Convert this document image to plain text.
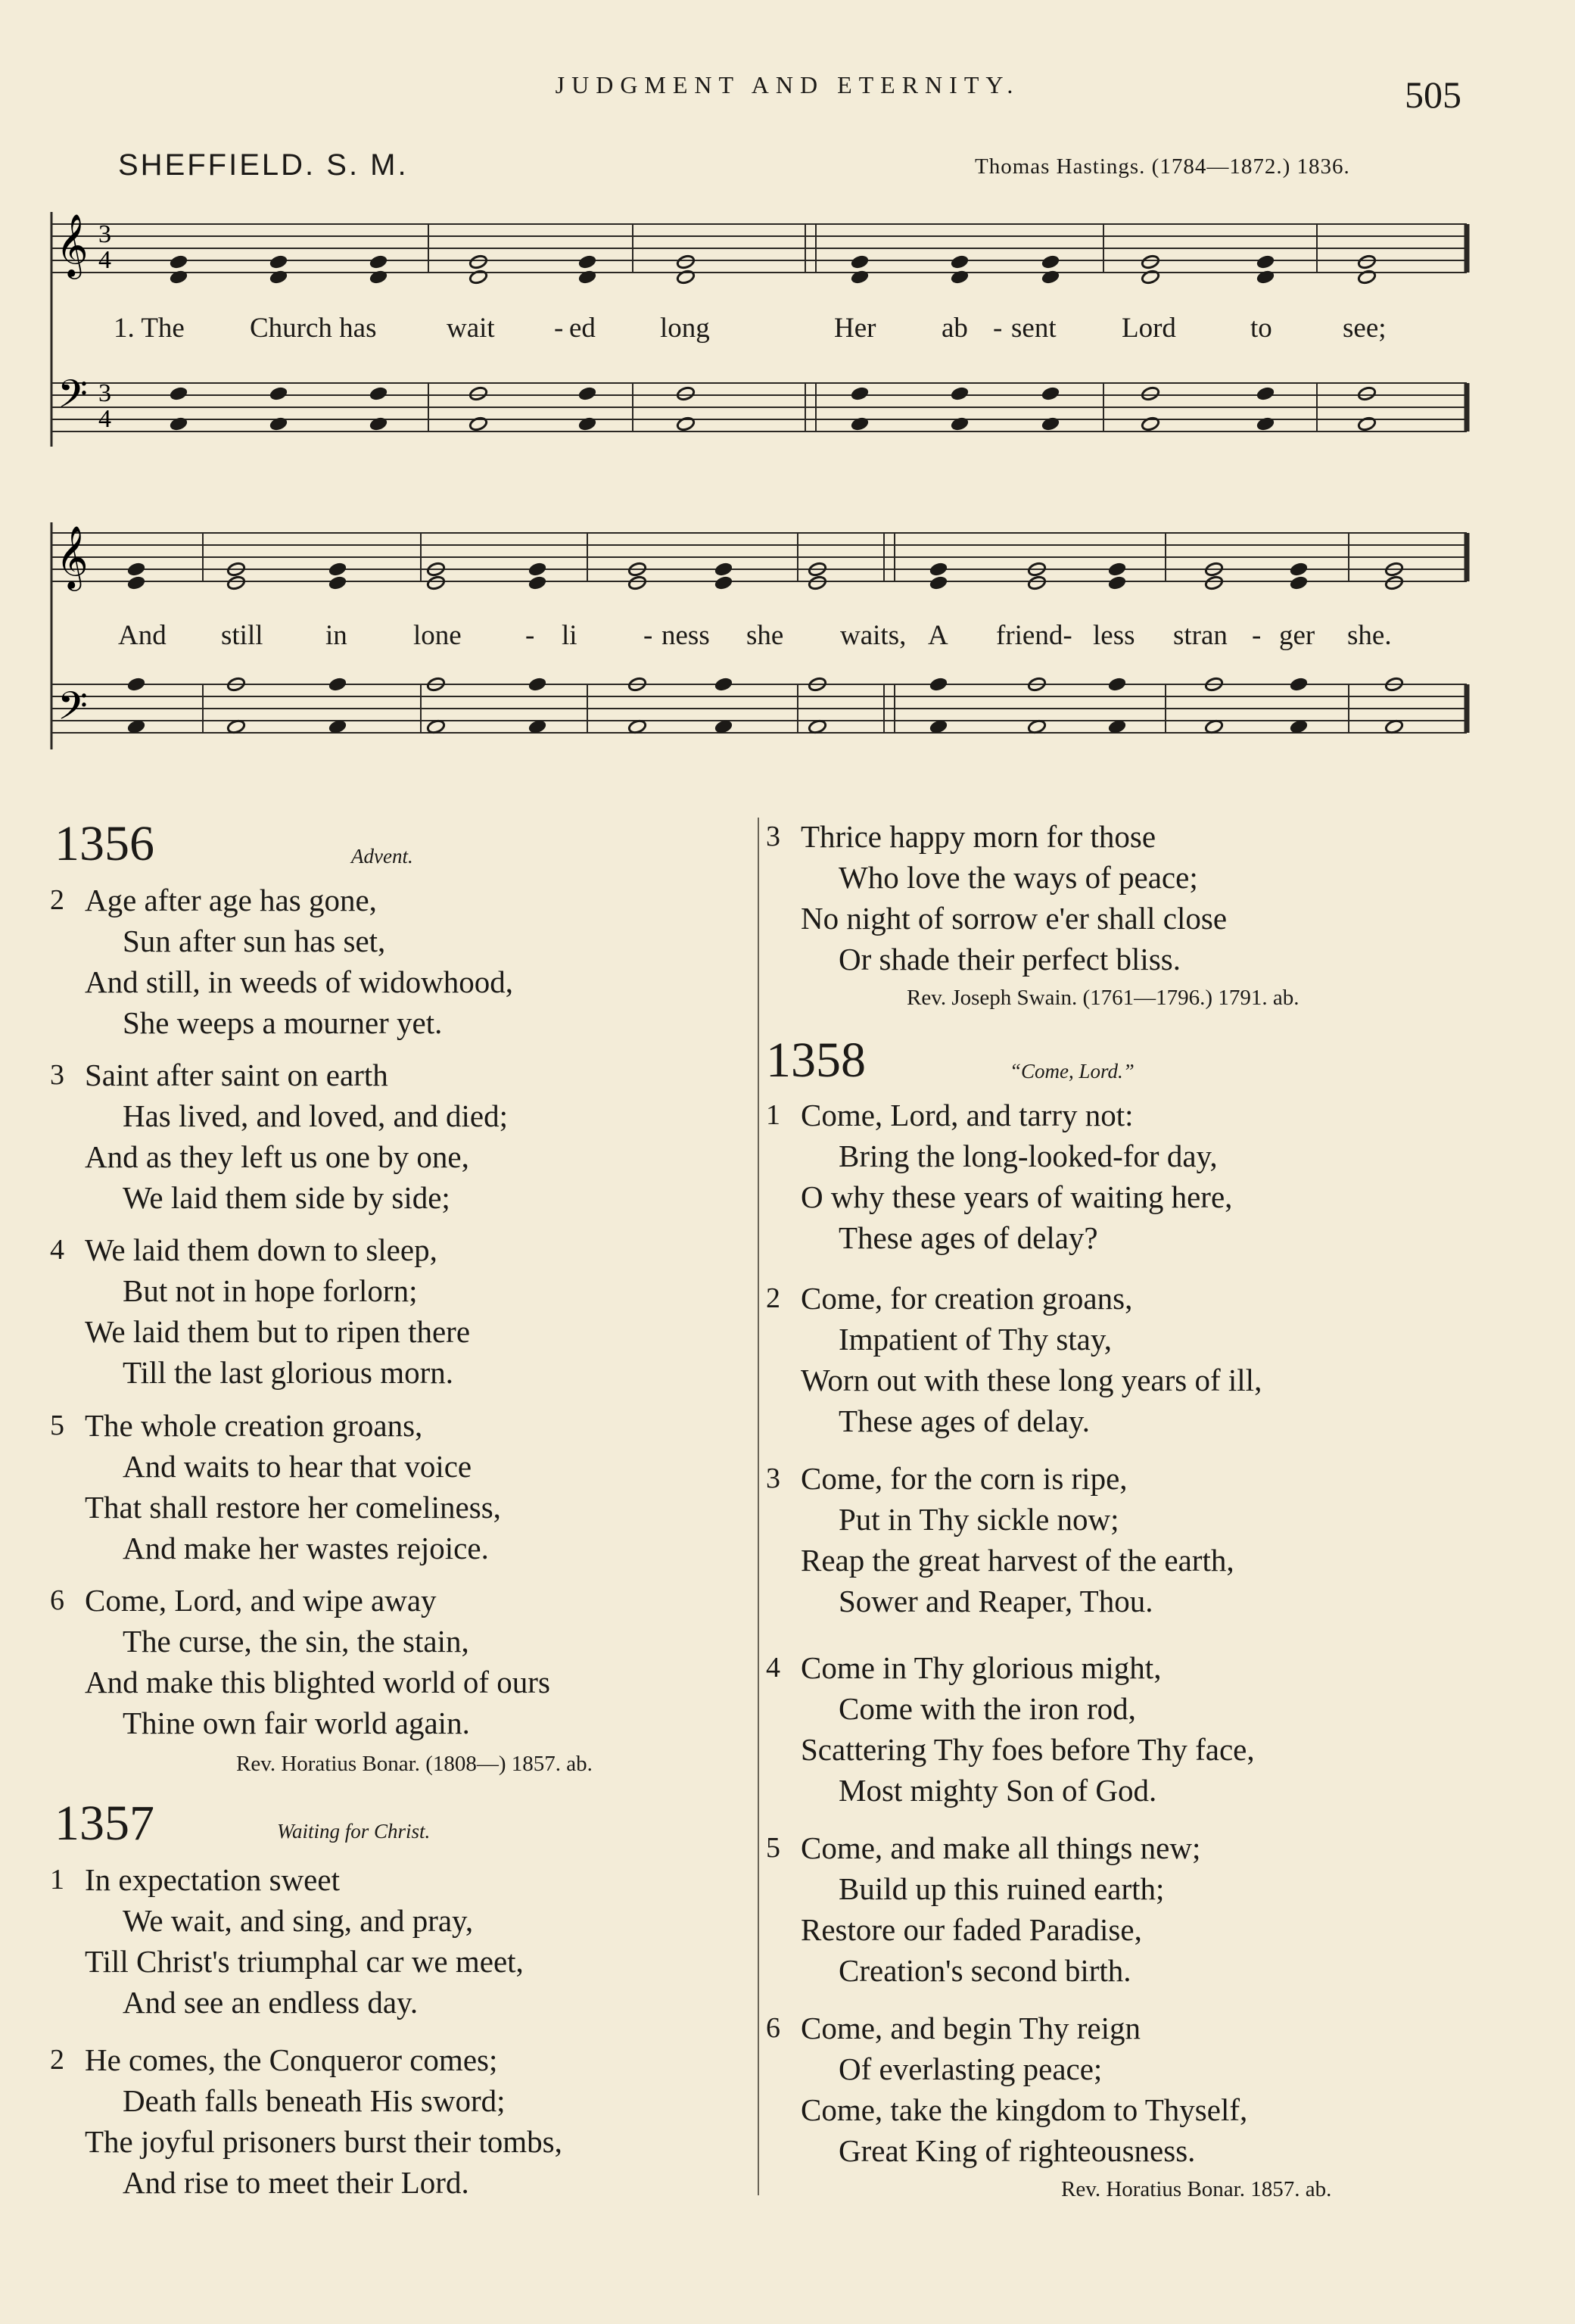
JUDGMENT AND ETERNITY.	505
SHEFFIELD. S. M.	Thomas Hastings. (1784—1872.) 1836.
3
4
3
4
𝄞
𝄢
𝄞
𝄢
1. The Church has	wait - ed long	Her ab - sent Lord	to	see;
And still in lone - li - ness she waits, A friend- less stran - ger she.
1356	Advent.
2 Age after age has gone,
Sun after sun has set,
And still, in weeds of widowhood,
She weeps a mourner yet.
3 Saint after saint on earth
Has lived, and loved, and died;
And as they left us one by one,
We laid them side by side;
4 We laid them down to sleep,
But not in hope forlorn;
We laid them but to ripen there
Till the last glorious morn.
5 The whole creation groans,
And waits to hear that voice
That shall restore her comeliness,
And make her wastes rejoice.
6 Come, Lord, and wipe away
The curse, the sin, the stain,
And make this blighted world of ours
Thine own fair world again.
Rev. Horatius Bonar. (1808—) 1857. ab.
1357	Waiting for Christ.
1 In expectation sweet
We wait, and sing, and pray,
Till Christ's triumphal car we meet,
And see an endless day.
2 He comes, the Conqueror comes;
Death falls beneath His sword;
The joyful prisoners burst their tombs,
And rise to meet their Lord.
3 Thrice happy morn for those
Who love the ways of peace;
No night of sorrow e'er shall close
Or shade their perfect bliss.
Rev. Joseph Swain. (1761—1796.) 1791. ab.
1358	“Come, Lord.”
1 Come, Lord, and tarry not:
Bring the long-looked-for day,
O why these years of waiting here,
These ages of delay?
2 Come, for creation groans,
Impatient of Thy stay,
Worn out with these long years of ill,
These ages of delay.
3 Come, for the corn is ripe,
Put in Thy sickle now;
Reap the great harvest of the earth,
Sower and Reaper, Thou.
4 Come in Thy glorious might,
Come with the iron rod,
Scattering Thy foes before Thy face,
Most mighty Son of God.
5 Come, and make all things new;
Build up this ruined earth;
Restore our faded Paradise,
Creation's second birth.
6 Come, and begin Thy reign
Of everlasting peace;
Come, take the kingdom to Thyself,
Great King of righteousness.
Rev. Horatius Bonar. 1857. ab.
